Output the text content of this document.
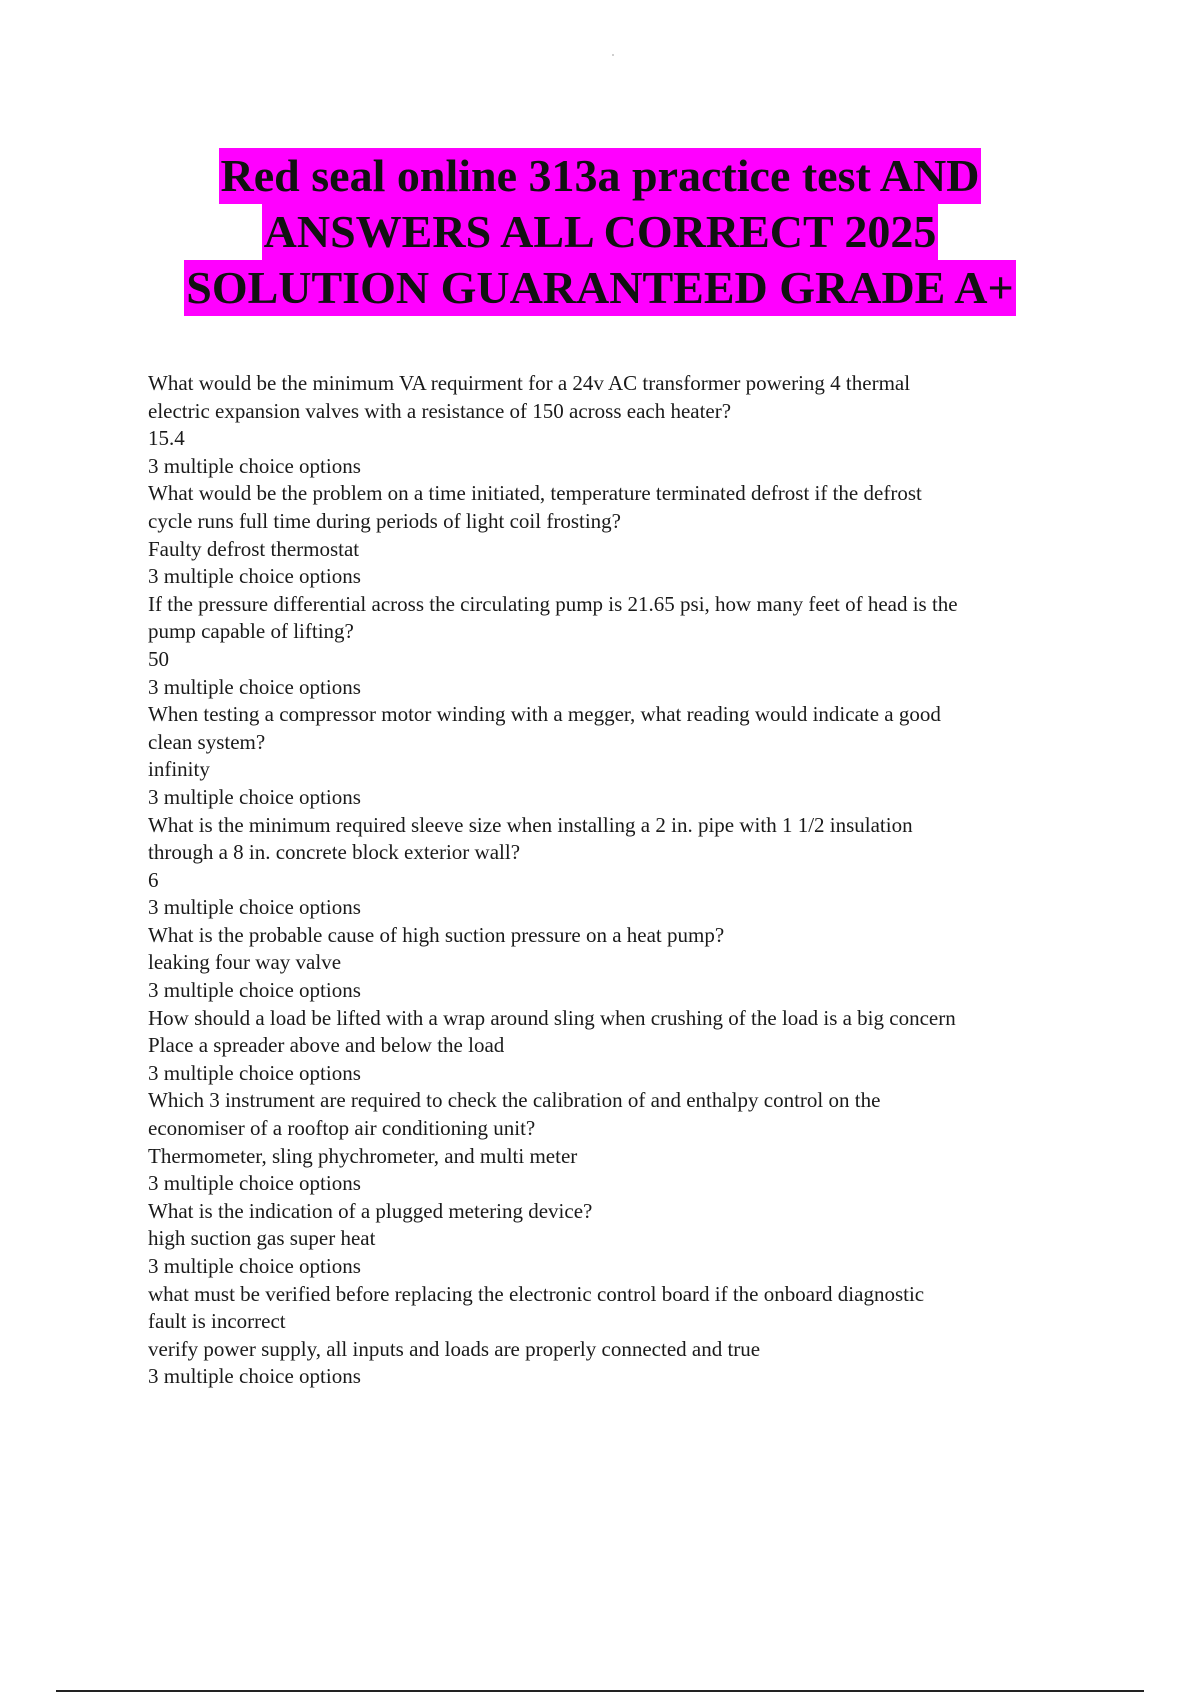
Red seal online 313a practice test AND
ANSWERS ALL CORRECT 2025
SOLUTION GUARANTEED GRADE A+
What would be the minimum VA requirment for a 24v AC transformer powering 4 thermal
electric expansion valves with a resistance of 150 across each heater?
15.4
3 multiple choice options
What would be the problem on a time initiated, temperature terminated defrost if the defrost
cycle runs full time during periods of light coil frosting?
Faulty defrost thermostat
3 multiple choice options
If the pressure differential across the circulating pump is 21.65 psi, how many feet of head is the
pump capable of lifting?
50
3 multiple choice options
When testing a compressor motor winding with a megger, what reading would indicate a good
clean system?
infinity
3 multiple choice options
What is the minimum required sleeve size when installing a 2 in. pipe with 1 1/2 insulation
through a 8 in. concrete block exterior wall?
6
3 multiple choice options
What is the probable cause of high suction pressure on a heat pump?
leaking four way valve
3 multiple choice options
How should a load be lifted with a wrap around sling when crushing of the load is a big concern
Place a spreader above and below the load
3 multiple choice options
Which 3 instrument are required to check the calibration of and enthalpy control on the
economiser of a rooftop air conditioning unit?
Thermometer, sling phychrometer, and multi meter
3 multiple choice options
What is the indication of a plugged metering device?
high suction gas super heat
3 multiple choice options
what must be verified before replacing the electronic control board if the onboard diagnostic
fault is incorrect
verify power supply, all inputs and loads are properly connected and true
3 multiple choice options
